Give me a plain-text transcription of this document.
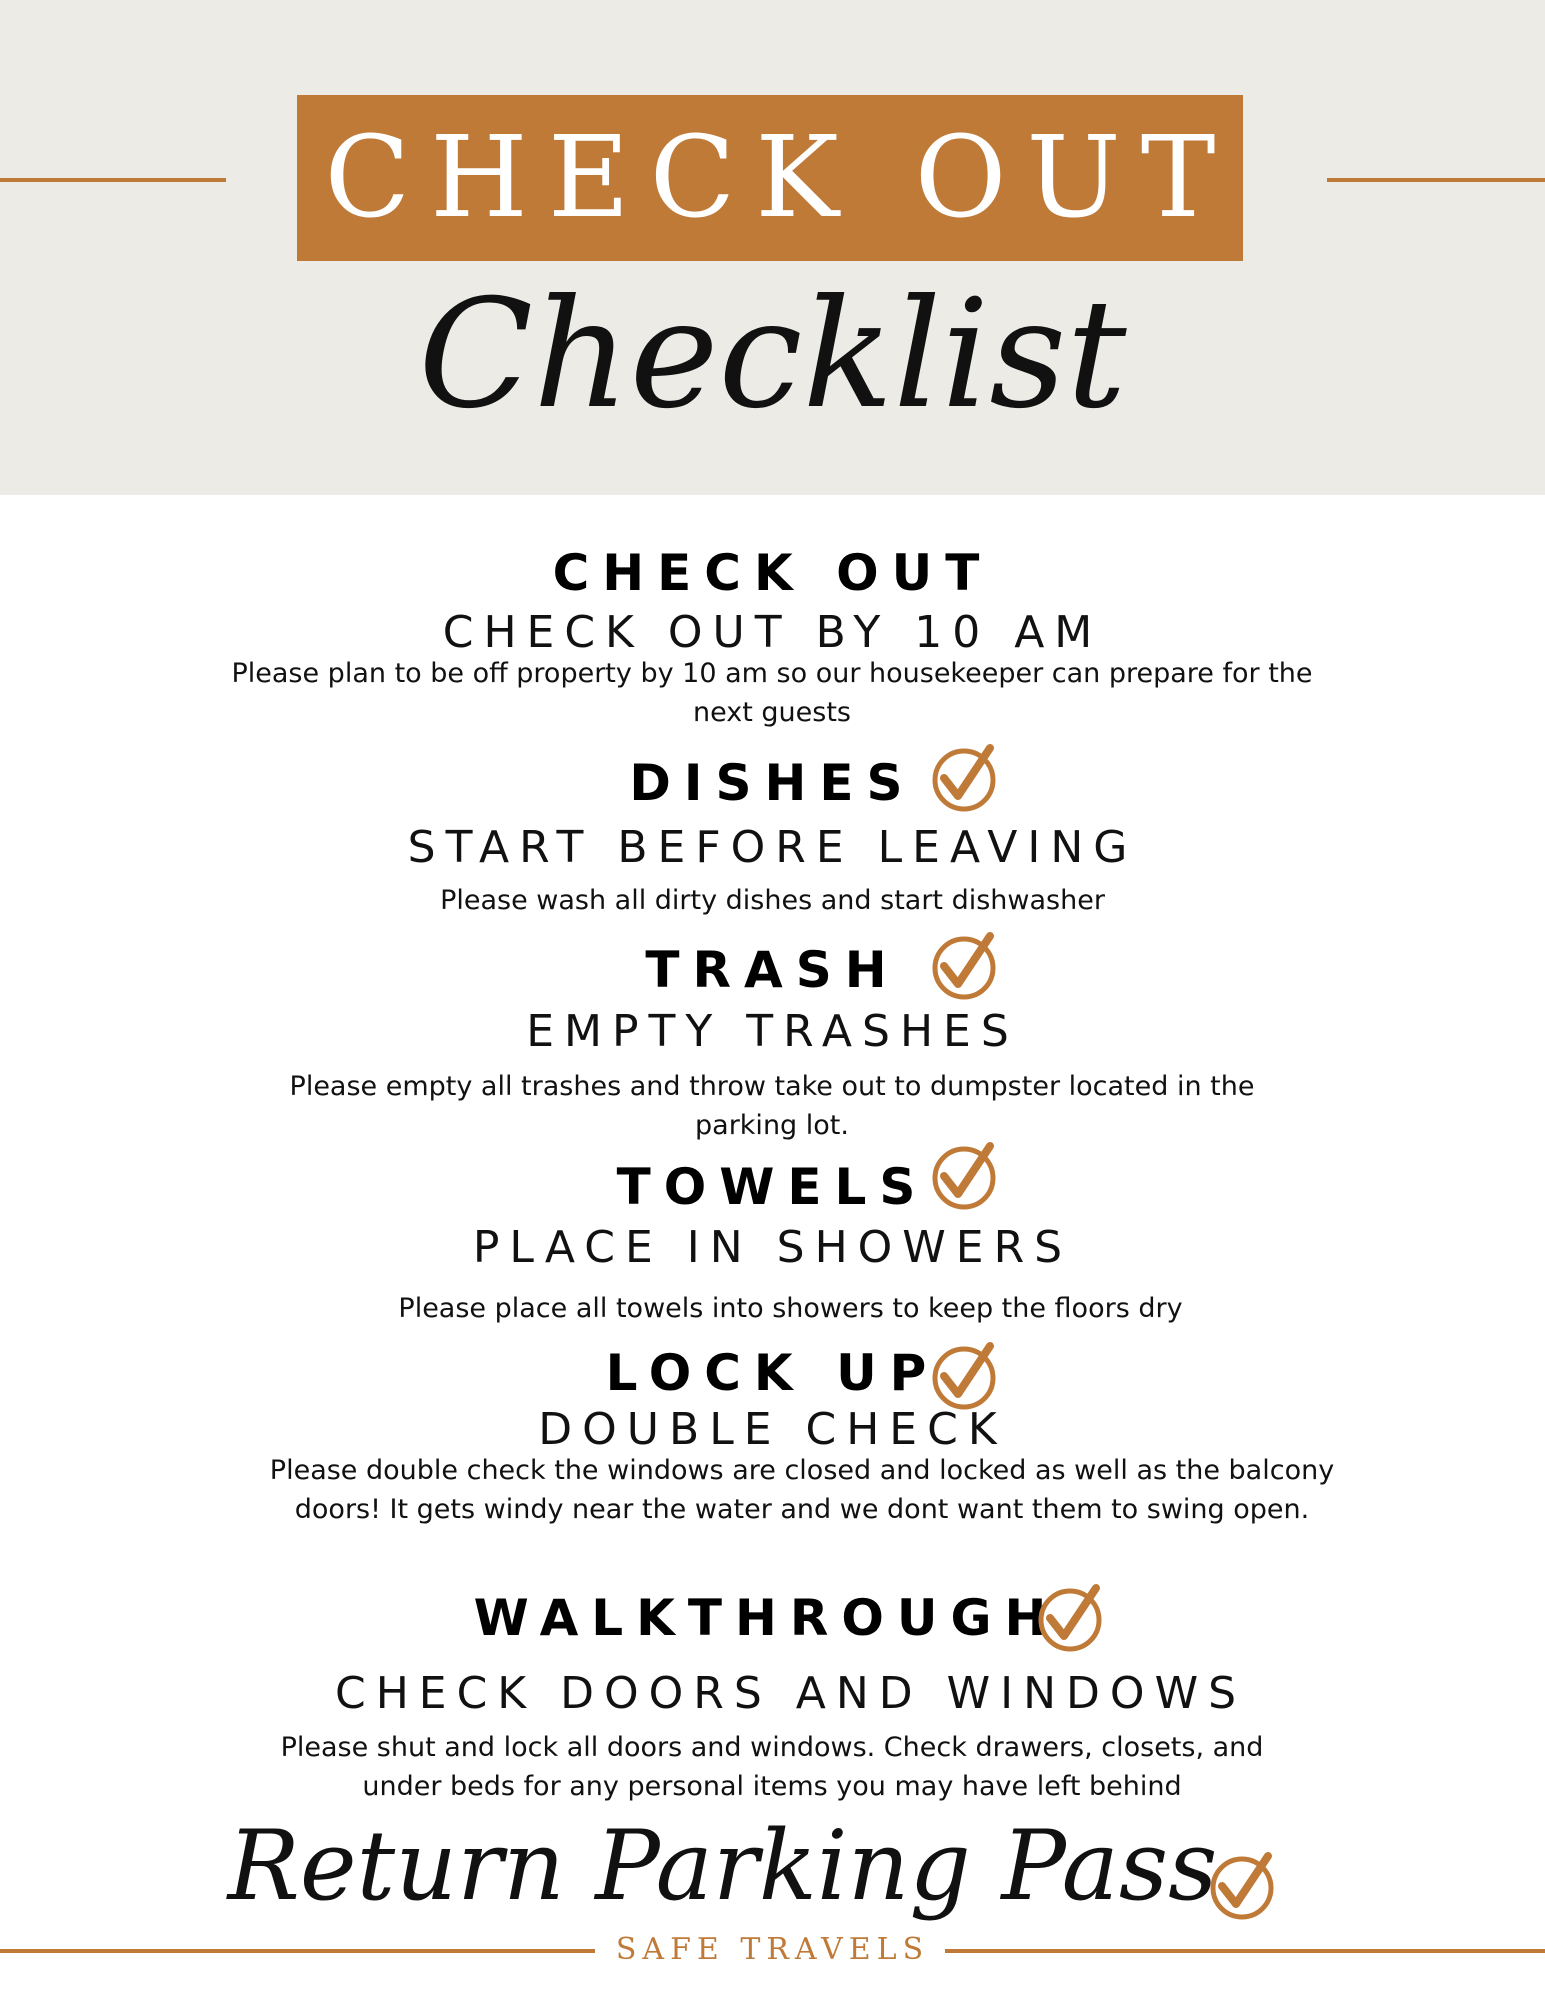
CHECK OUT
Checklist
CHECK OUT
CHECK OUT BY 10 AM
Please plan to be off property by 10 am so our housekeeper can prepare for the next guests
DISHES
START BEFORE LEAVING
Please wash all dirty dishes and start dishwasher
TRASH
EMPTY TRASHES
Please empty all trashes and throw take out to dumpster located in the parking lot.
TOWELS
PLACE IN SHOWERS
Please place all towels into showers to keep the floors dry
LOCK UP
DOUBLE CHECK
Please double check the windows are closed and locked as well as the balcony doors! It gets windy near the water and we dont want them to swing open.
WALKTHROUGH
CHECK DOORS AND WINDOWS
Please shut and lock all doors and windows. Check drawers, closets, and under beds for any personal items you may have left behind
Return Parking Pass
SAFE TRAVELS
